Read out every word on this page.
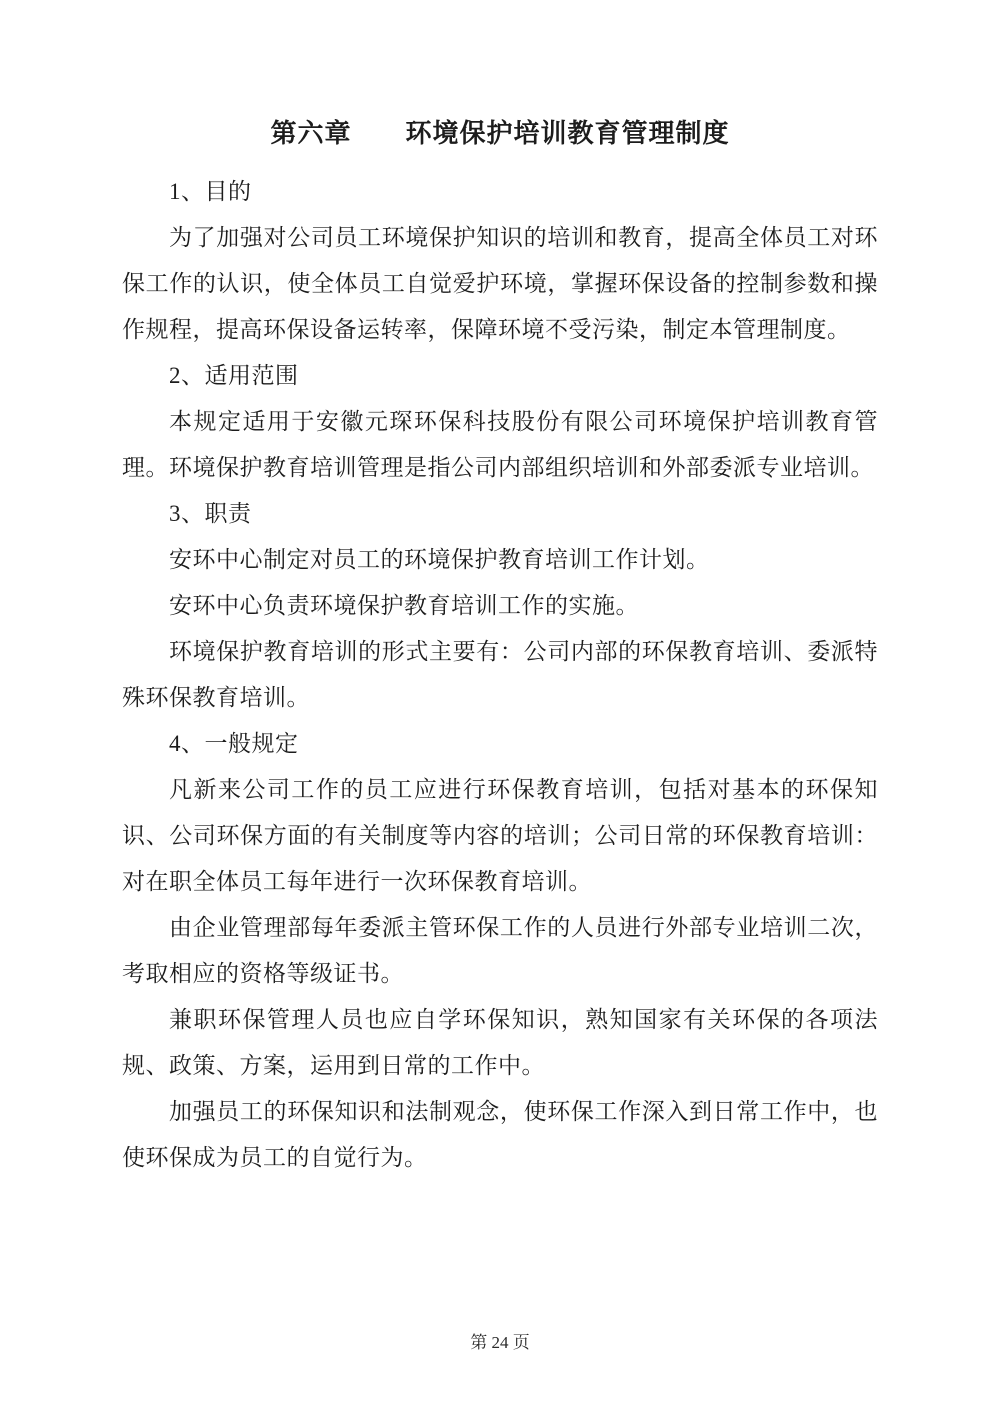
第六章　　环境保护培训教育管理制度
1、目的
为了加强对公司员工环境保护知识的培训和教育，提高全体员工对环
保工作的认识，使全体员工自觉爱护环境，掌握环保设备的控制参数和操
作规程，提高环保设备运转率，保障环境不受污染，制定本管理制度。
2、适用范围
本规定适用于安徽元琛环保科技股份有限公司环境保护培训教育管
理。环境保护教育培训管理是指公司内部组织培训和外部委派专业培训。
3、职责
安环中心制定对员工的环境保护教育培训工作计划。
安环中心负责环境保护教育培训工作的实施。
环境保护教育培训的形式主要有：公司内部的环保教育培训、委派特
殊环保教育培训。
4、一般规定
凡新来公司工作的员工应进行环保教育培训，包括对基本的环保知
识、公司环保方面的有关制度等内容的培训；公司日常的环保教育培训：
对在职全体员工每年进行一次环保教育培训。
由企业管理部每年委派主管环保工作的人员进行外部专业培训二次，
考取相应的资格等级证书。
兼职环保管理人员也应自学环保知识，熟知国家有关环保的各项法
规、政策、方案，运用到日常的工作中。
加强员工的环保知识和法制观念，使环保工作深入到日常工作中，也
使环保成为员工的自觉行为。
第 24 页
